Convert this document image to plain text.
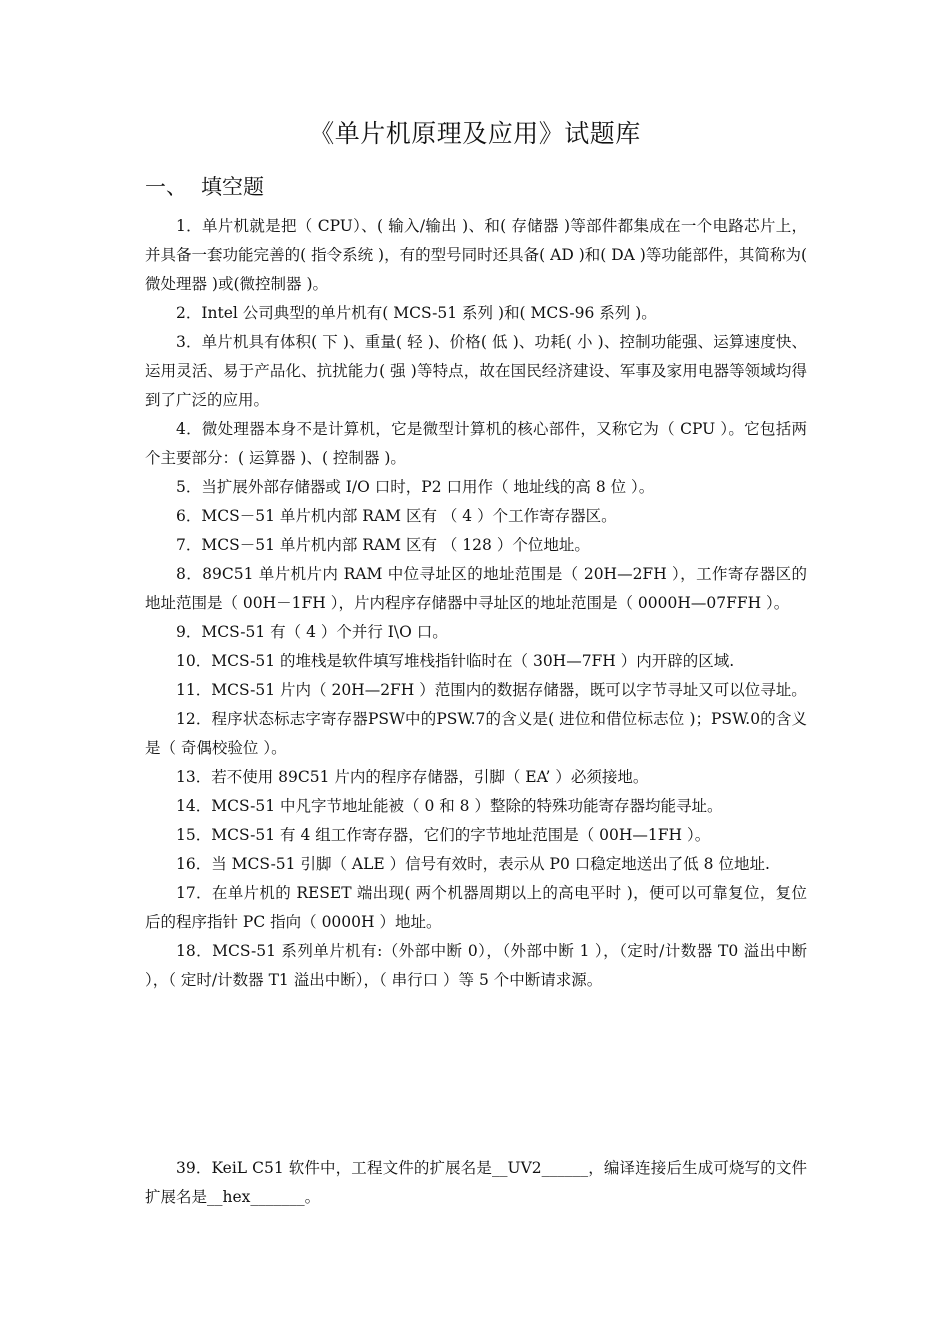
《单片机原理及应用》试题库
一、 填空题

1．单片机就是把（ CPU）、( 输入/输出 )、和( 存储器 )等部件都集成在一个电路芯片上，并具备一套功能完善的( 指令系统 )，有的型号同时还具备( AD )和( DA )等功能部件，其简称为( 微处理器 )或(微控制器 )。

2．Intel 公司典型的单片机有( MCS-51 系列 )和( MCS-96 系列 )。

3．单片机具有体积( 下 )、重量( 轻 )、价格( 低 )、功耗( 小 )、控制功能强、运算速度快、运用灵活、易于产品化、抗扰能力( 强 )等特点，故在国民经济建设、军事及家用电器等领域均得到了广泛的应用。

4．微处理器本身不是计算机，它是微型计算机的核心部件，又称它为（ CPU ）。它包括两个主要部分：( 运算器 )、( 控制器 )。

5．当扩展外部存储器或 I/O 口时，P2 口用作（ 地址线的高 8 位 ）。

6．MCS－51 单片机内部 RAM 区有 （ 4 ）个工作寄存器区。

7．MCS－51 单片机内部 RAM 区有 （ 128 ）个位地址。

8．89C51 单片机片内 RAM 中位寻址区的地址范围是（ 20H—2FH ），工作寄存器区的地址范围是（ 00H－1FH ），片内程序存储器中寻址区的地址范围是（ 0000H—07FFH ）。

9．MCS-51 有（ 4 ）个并行 I\O 口。

10．MCS-51 的堆栈是软件填写堆栈指针临时在（ 30H—7FH ）内开辟的区域.

11．MCS-51 片内（ 20H—2FH ）范围内的数据存储器，既可以字节寻址又可以位寻址。

12．程序状态标志字寄存器PSW中的PSW.7的含义是( 进位和借位标志位 )；PSW.0的含义是（ 奇偶校验位 ）。

13．若不使用 89C51 片内的程序存储器，引脚（ EA’ ）必须接地。

14．MCS-51 中凡字节地址能被（ 0 和 8 ）整除的特殊功能寄存器均能寻址。

15．MCS-51 有 4 组工作寄存器，它们的字节地址范围是（ 00H—1FH ）。

16．当 MCS-51 引脚（ ALE ）信号有效时，表示从 P0 口稳定地送出了低 8 位地址.

17．在单片机的 RESET 端出现( 两个机器周期以上的高电平时 )，便可以可靠复位，复位后的程序指针 PC 指向（ 0000H ）地址。

18．MCS-51 系列单片机有:（外部中断 0），（外部中断 1 ），（定时/计数器 T0 溢出中断 ），（ 定时/计数器 T1 溢出中断），（ 串行口 ）等 5 个中断请求源。

39．KeiL C51 软件中，工程文件的扩展名是__UV2______，编译连接后生成可烧写的文件扩展名是__hex_______。
